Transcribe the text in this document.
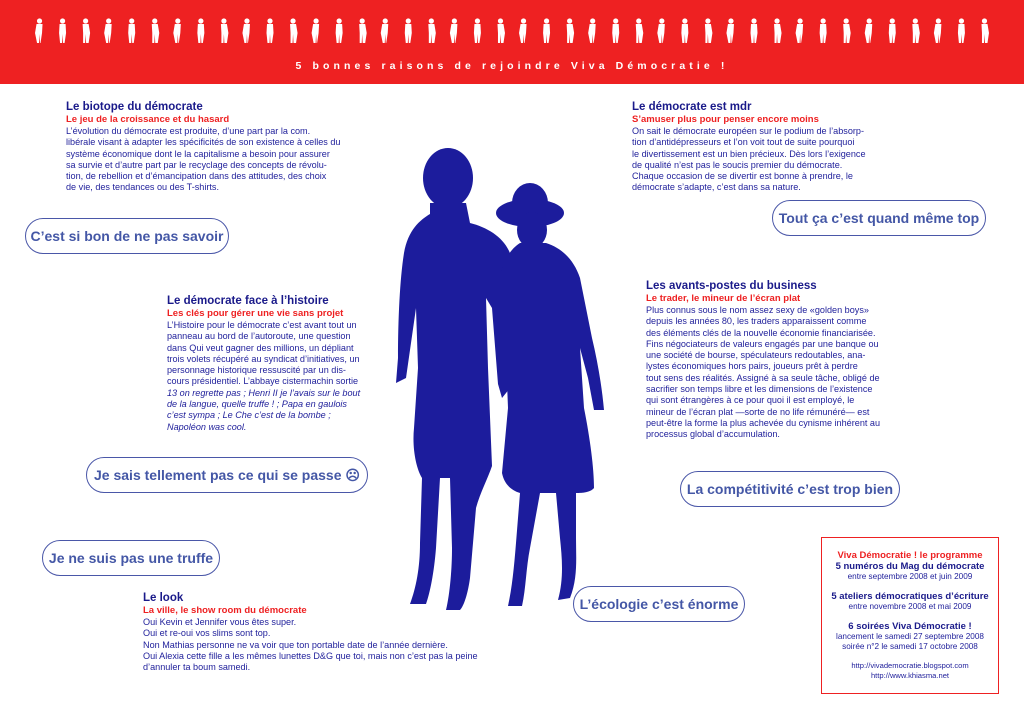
5 bonnes raisons de rejoindre Viva Démocratie !
Le biotope du démocrate
Le jeu de la croissance et du hasard

L’évolution du démocrate est produite, d’une part par la com.
libérale visant à adapter les spécificités de son existence à celles du
système économique dont le la capitalisme a besoin pour assurer
sa survie et d’autre part par le recyclage des concepts de révolu-
tion, de rebellion et d’émancipation dans des attitudes, des choix
de vie, des tendances ou des T-shirts.

Le démocrate est mdr
S’amuser plus pour penser encore moins

On sait le démocrate européen sur le podium de l’absorp-
tion d’antidépresseurs et l’on voit tout de suite pourquoi
le divertissement est un bien précieux. Dès lors l’exigence
de qualité n’est pas le soucis premier du démocrate.
Chaque occasion de se divertir est bonne à prendre, le
démocrate s’adapte, c’est dans sa nature.

Le démocrate face à l’histoire
Les clés pour gérer une vie sans projet

L’Histoire pour le démocrate c’est avant tout un
panneau au bord de l’autoroute, une question
dans Qui veut gagner des millions, un dépliant
trois volets récupéré au syndicat d’initiatives, un
personnage historique ressuscité par un dis-
cours présidentiel. L’abbaye cistermachin sortie
13 on regrette pas ; Henri II je l’avais sur le bout
de la langue, quelle truffe ! ; Papa en gaulois
c’est sympa ; Le Che c’est de la bombe ;
Napoléon was cool.

Les avants-postes du business
Le trader, le mineur de l’écran plat

Plus connus sous le nom assez sexy de «golden boys»
depuis les années 80, les traders apparaissent comme
des éléments clés de la nouvelle économie financiarisée.
Fins négociateurs de valeurs engagés par une banque ou
une société de bourse, spéculateurs redoutables, ana-
lystes économiques hors pairs, joueurs prêt à perdre
tout sens des réalités. Assigné à sa seule tâche, obligé de
sacrifier son temps libre et les dimensions de l’existence
qui sont étrangères à ce pour quoi il est employé, le
mineur de l’écran plat —sorte de no life rémunéré— est
peut-être la forme la plus achevée du cynisme inhérent au
processus global d’accumulation.

Le look
La ville, le show room du démocrate

Oui Kevin et Jennifer vous êtes super.
Oui et re-oui vos slims sont top.
Non Mathias personne ne va voir que ton portable date de l’année dernière.
Oui Alexia cette fille a les mêmes lunettes D&G que toi, mais non c’est pas la peine
d’annuler ta boum samedi.

C’est si bon de ne pas savoir
Tout ça c’est quand même top
Je sais tellement pas ce qui se passe ☹
La compétitivité c’est trop bien
Je ne suis pas une truffe
L’écologie c’est énorme
Viva Démocratie ! le programme
5 numéros du Mag du démocrate
entre septembre 2008 et juin 2009
5 ateliers démocratiques d’écriture
entre novembre 2008 et mai 2009
6 soirées Viva Démocratie !
lancement le samedi 27 septembre 2008
soirée n°2 le samedi 17 octobre 2008
http://vivademocratie.blogspot.com
http://www.khiasma.net
